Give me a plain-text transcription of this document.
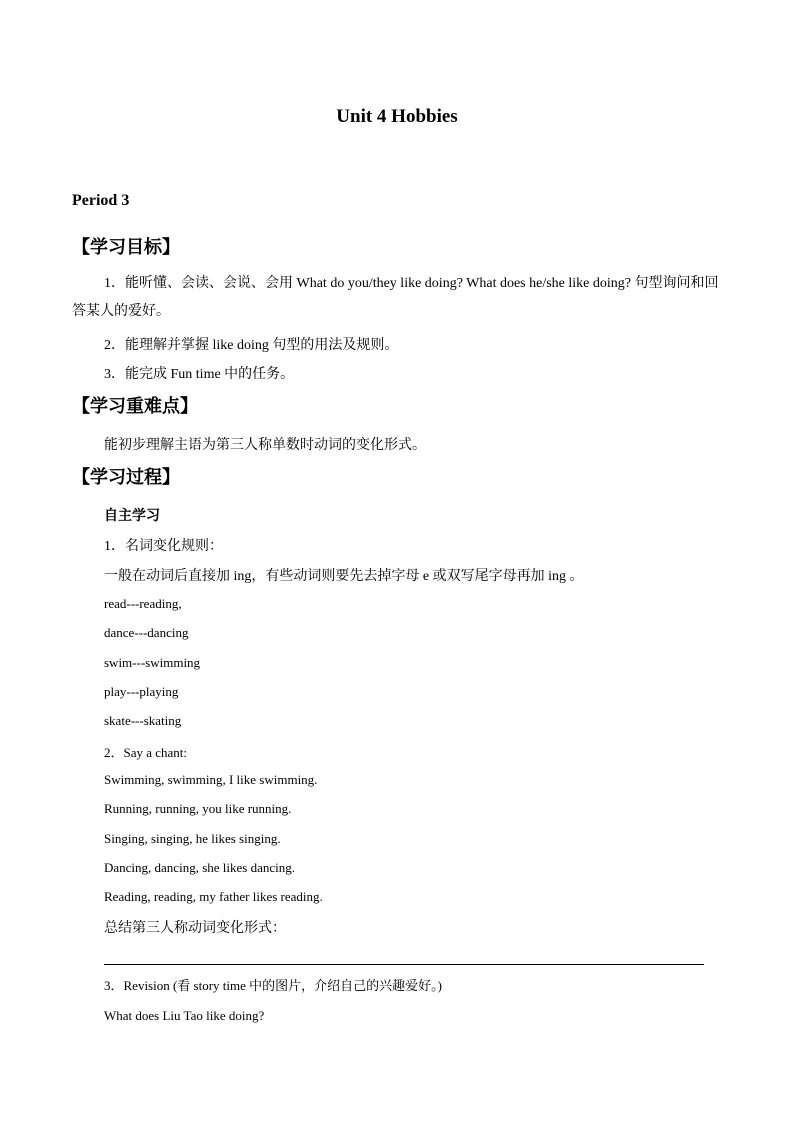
Unit 4 Hobbies
Period 3
【学习目标】
1．能听懂、会读、会说、会用 What do you/they like doing? What does he/she like doing? 句型询问和回答某人的爱好。
2．能理解并掌握 like doing 句型的用法及规则。
3．能完成 Fun time 中的任务。
【学习重难点】
能初步理解主语为第三人称单数时动词的变化形式。
【学习过程】
自主学习
1．名词变化规则：
一般在动词后直接加 ing，有些动词则要先去掉字母 e 或双写尾字母再加 ing 。
read---reading,
dance---dancing
swim---swimming
play---playing
skate---skating
2．Say a chant:
Swimming, swimming, I like swimming.
Running, running, you like running.
Singing, singing, he likes singing.
Dancing, dancing, she likes dancing.
Reading, reading, my father likes reading.
总结第三人称动词变化形式：
3．Revision (看 story time 中的图片，介绍自己的兴趣爱好。)
What does Liu Tao like doing?
